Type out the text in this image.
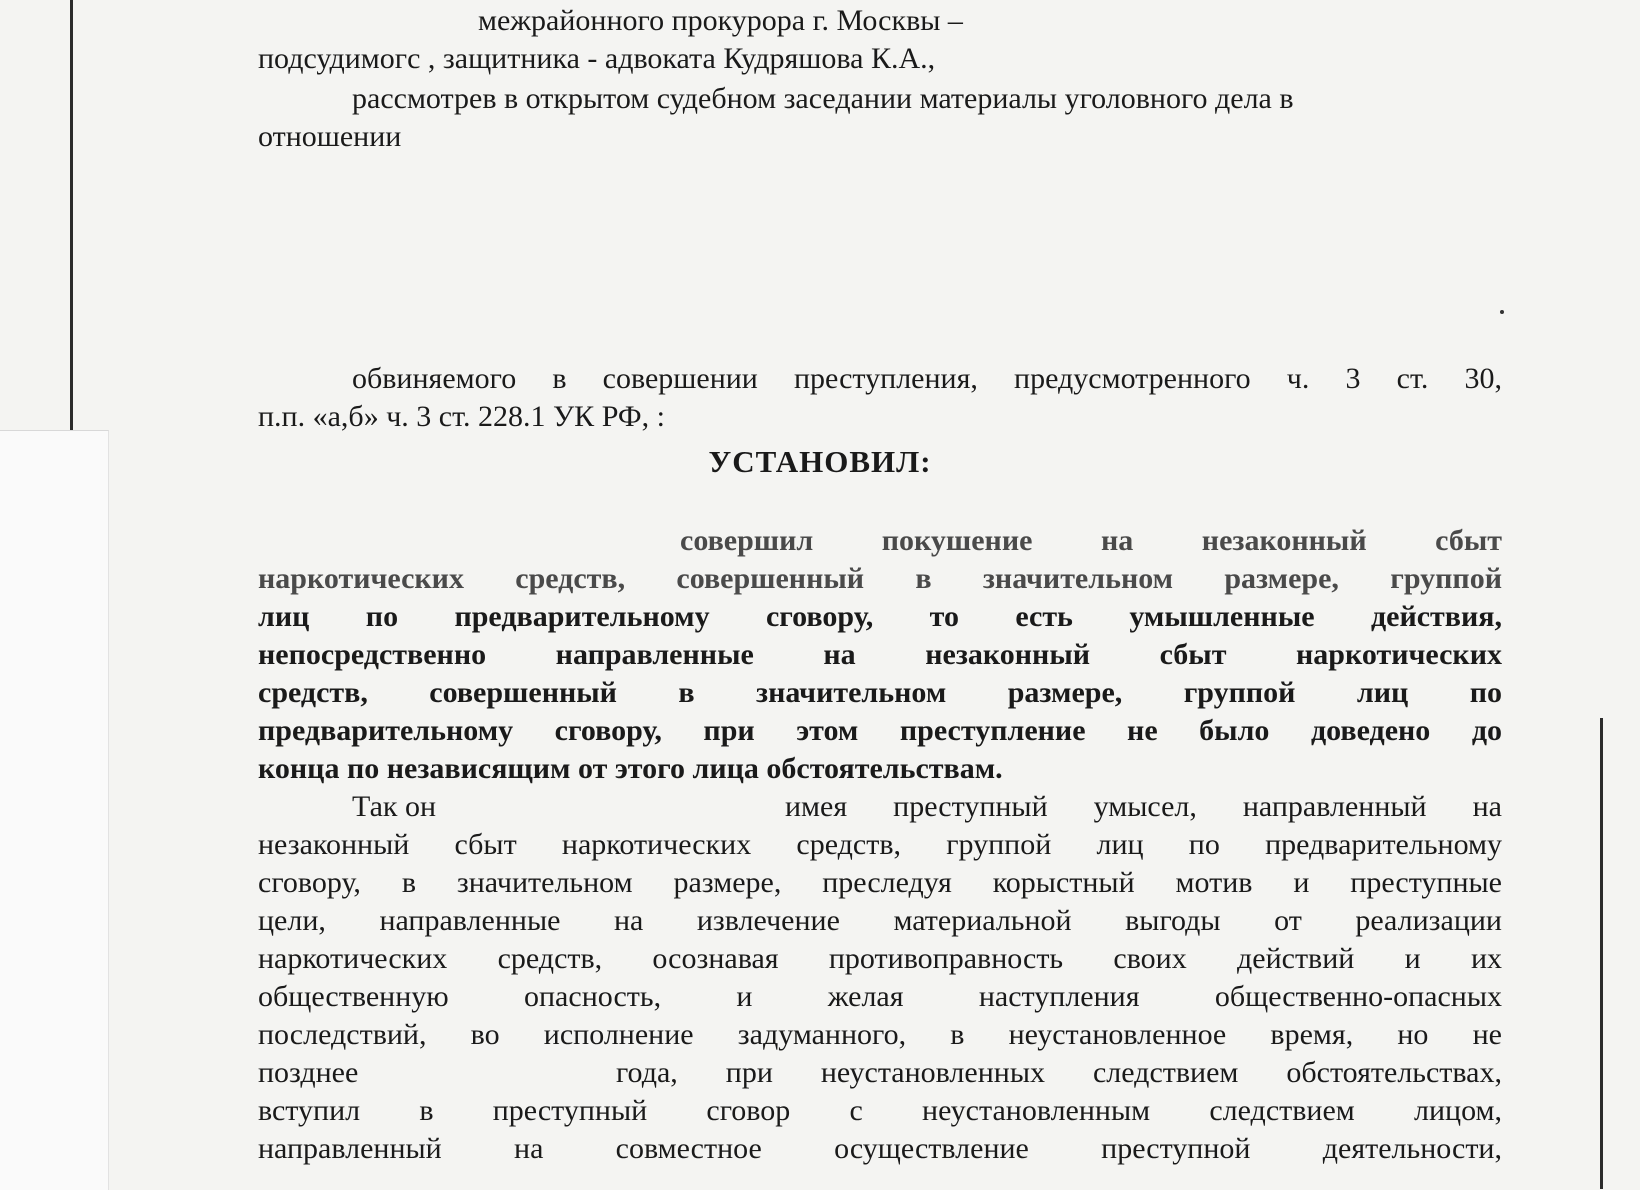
межрайонного прокурора г. Москвы –

подсудимогс , защитника - адвоката Кудряшова К.А.,

рассмотрев в открытом судебном заседании материалы уголовного дела в

отношении

обвиняемого в совершении преступления, предусмотренного ч. 3 ст. 30,

п.п. «а,б» ч. 3 ст. 228.1 УК РФ, :

УСТАНОВИЛ:

совершил покушение на незаконный сбыт

наркотических средств, совершенный в значительном размере, группой

лиц по предварительному сговору, то есть умышленные действия,

непосредственно направленные на незаконный сбыт наркотических

средств, совершенный в значительном размере, группой лиц по

предварительному сговору, при этом преступление не было доведено до

конца по независящим от этого лица обстоятельствам.

Так он	имея преступный умысел, направленный на

незаконный сбыт наркотических средств, группой лиц по предварительному

сговору, в значительном размере, преследуя корыстный мотив и преступные

цели, направленные на извлечение материальной выгоды от реализации

наркотических средств, осознавая противоправность своих действий и их

общественную опасность, и желая наступления общественно-опасных

последствий, во исполнение задуманного, в неустановленное время, но не

позднее	года, при неустановленных следствием обстоятельствах,

вступил в преступный сговор с неустановленным следствием лицом,

направленный на совместное осуществление преступной деятельности,
